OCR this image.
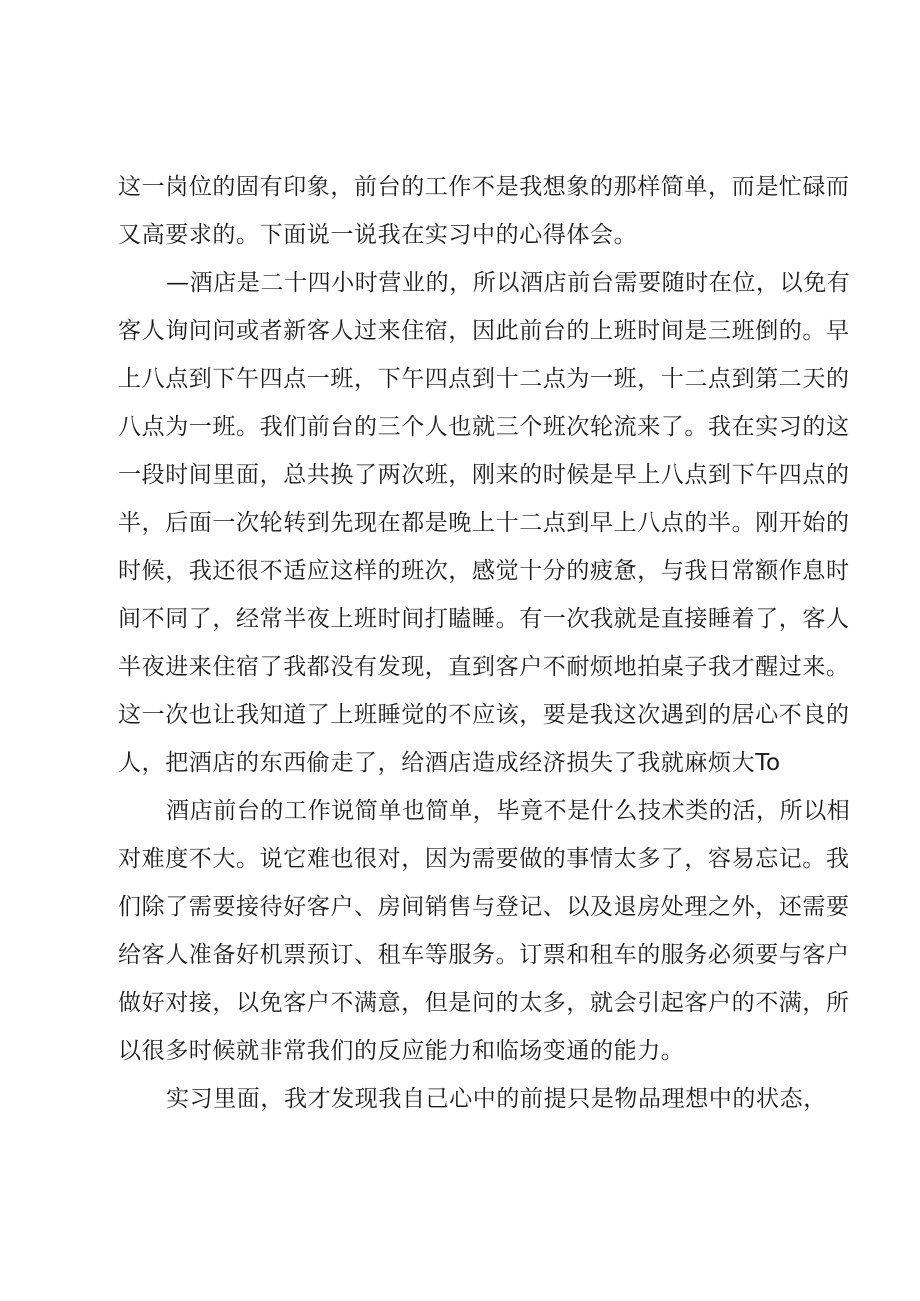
这一岗位的固有印象，前台的工作不是我想象的那样简单，而是忙碌而
又高要求的。下面说一说我在实习中的心得体会。
—酒店是二十四小时营业的，所以酒店前台需要随时在位，以免有
客人询问问或者新客人过来住宿，因此前台的上班时间是三班倒的。早
上八点到下午四点一班，下午四点到十二点为一班，十二点到第二天的
八点为一班。我们前台的三个人也就三个班次轮流来了。我在实习的这
一段时间里面，总共换了两次班，刚来的时候是早上八点到下午四点的
半，后面一次轮转到先现在都是晚上十二点到早上八点的半。刚开始的
时候，我还很不适应这样的班次，感觉十分的疲惫，与我日常额作息时
间不同了，经常半夜上班时间打瞌睡。有一次我就是直接睡着了，客人
半夜进来住宿了我都没有发现，直到客户不耐烦地拍桌子我才醒过来。
这一次也让我知道了上班睡觉的不应该，要是我这次遇到的居心不良的
人，把酒店的东西偷走了，给酒店造成经济损失了我就麻烦大To
酒店前台的工作说简单也简单，毕竟不是什么技术类的活，所以相
对难度不大。说它难也很对，因为需要做的事情太多了，容易忘记。我
们除了需要接待好客户、房间销售与登记、以及退房处理之外，还需要
给客人准备好机票预订、租车等服务。订票和租车的服务必须要与客户
做好对接，以免客户不满意，但是问的太多，就会引起客户的不满，所
以很多时候就非常我们的反应能力和临场变通的能力。
实习里面，我才发现我自己心中的前提只是物品理想中的状态，
